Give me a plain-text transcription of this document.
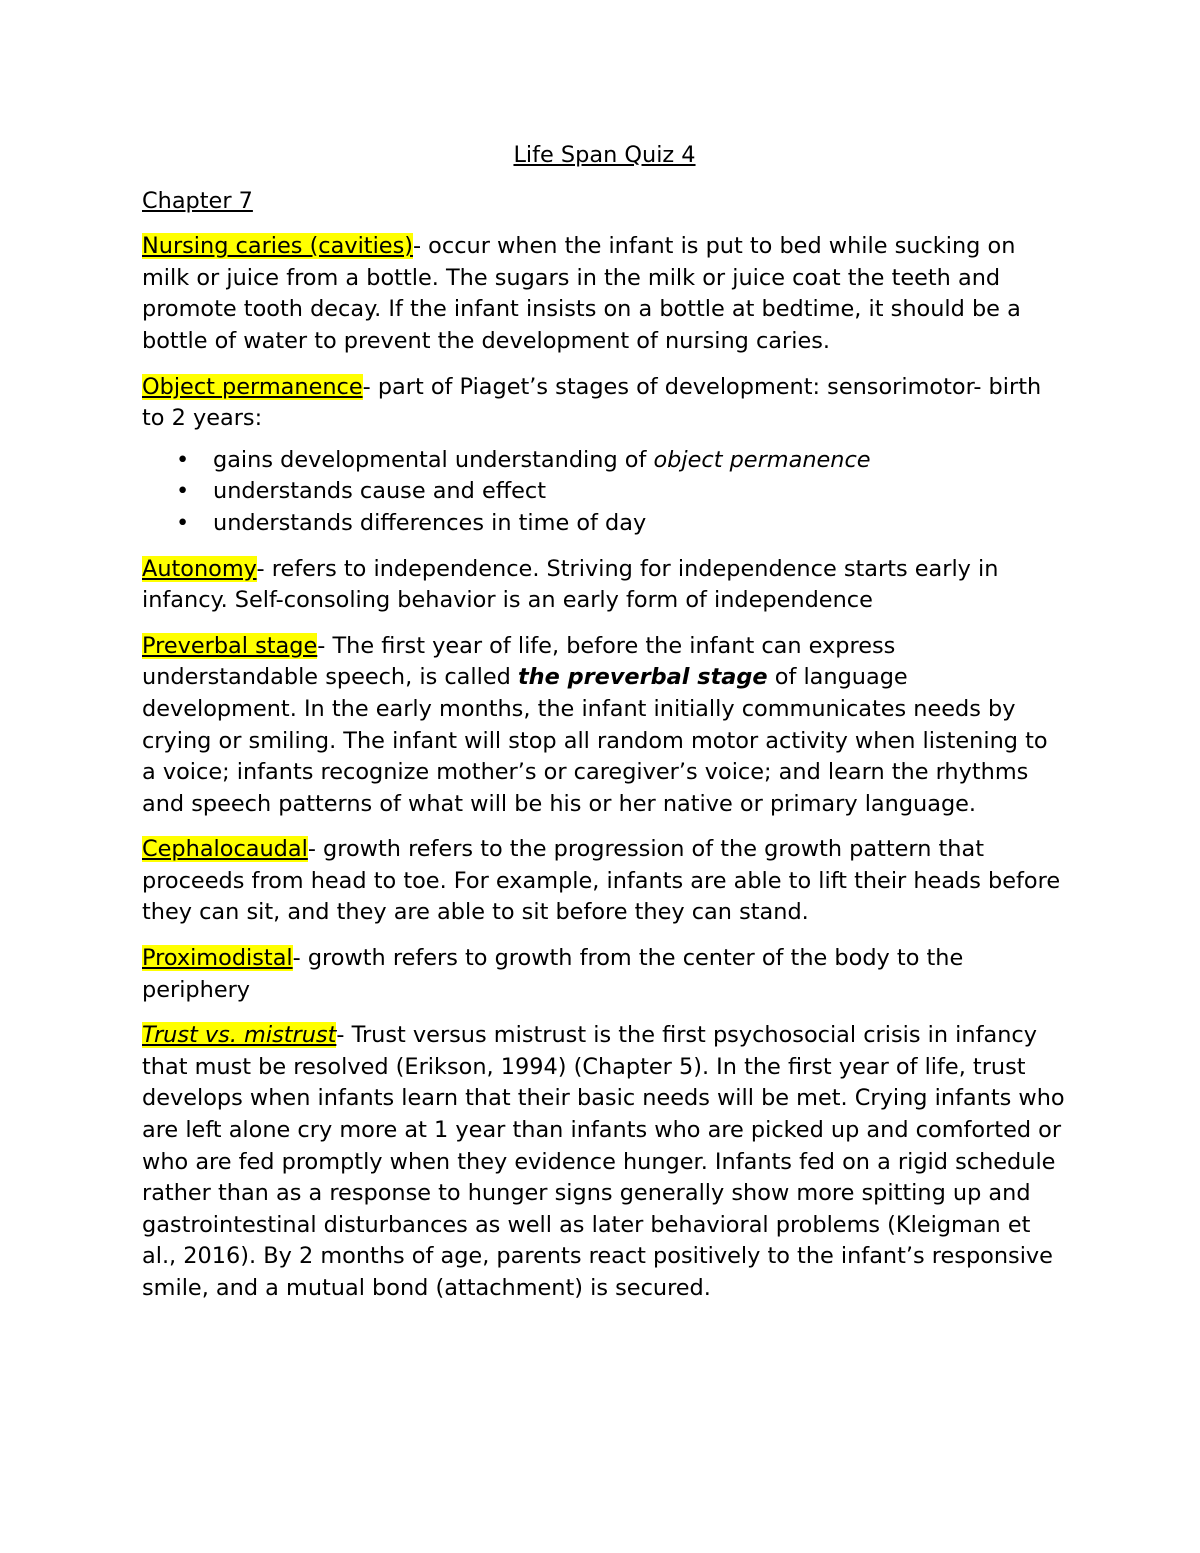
Life Span Quiz 4
Chapter 7

Nursing caries (cavities)- occur when the infant is put to bed while sucking on milk or juice from a bottle. The sugars in the milk or juice coat the teeth and promote tooth decay. If the infant insists on a bottle at bedtime, it should be a bottle of water to prevent the development of nursing caries.

Object permanence- part of Piaget’s stages of development: sensorimotor- birth to 2 years:

• gains developmental understanding of object permanence
• understands cause and effect
• understands differences in time of day

Autonomy- refers to independence. Striving for independence starts early in infancy. Self-consoling behavior is an early form of independence

Preverbal stage- The first year of life, before the infant can express understandable speech, is called the preverbal stage of language development. In the early months, the infant initially communicates needs by crying or smiling. The infant will stop all random motor activity when listening to a voice; infants recognize mother’s or caregiver’s voice; and learn the rhythms and speech patterns of what will be his or her native or primary language.

Cephalocaudal- growth refers to the progression of the growth pattern that proceeds from head to toe. For example, infants are able to lift their heads before they can sit, and they are able to sit before they can stand.

Proximodistal- growth refers to growth from the center of the body to the periphery

Trust vs. mistrust- Trust versus mistrust is the first psychosocial crisis in infancy that must be resolved (Erikson, 1994) (Chapter 5). In the first year of life, trust develops when infants learn that their basic needs will be met. Crying infants who are left alone cry more at 1 year than infants who are picked up and comforted or who are fed promptly when they evidence hunger. Infants fed on a rigid schedule rather than as a response to hunger signs generally show more spitting up and gastrointestinal disturbances as well as later behavioral problems (Kleigman et al., 2016). By 2 months of age, parents react positively to the infant’s responsive smile, and a mutual bond (attachment) is secured.
